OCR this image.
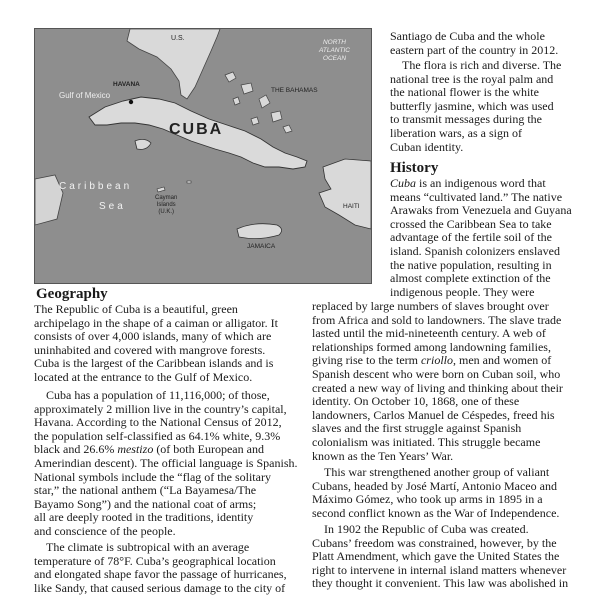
U.S.
NORTH
ATLANTIC
OCEAN
Gulf of Mexico
HAVANA
THE BAHAMAS
CUBA
Caribbean
Sea
Cayman
Islands
(U.K.)
JAMAICA
HAITI
Geography
The Republic of Cuba is a beautiful, green
archipelago in the shape of a caiman or alligator. It
consists of over 4,000 islands, many of which are
uninhabited and covered with mangrove forests.
Cuba is the largest of the Caribbean islands and is
located at the entrance to the Gulf of Mexico.
Cuba has a population of 11,116,000; of those,
approximately 2 million live in the country’s capital,
Havana. According to the National Census of 2012,
the population self-classified as 64.1% white, 9.3%
black and 26.6% mestizo (of both European and
Amerindian descent). The official language is Spanish.
National symbols include the “flag of the solitary
star,” the national anthem (“La Bayamesa/The
Bayamo Song”) and the national coat of arms;
all are deeply rooted in the traditions, identity
and conscience of the people.
The climate is subtropical with an average
temperature of 78°F. Cuba’s geographical location
and elongated shape favor the passage of hurricanes,
like Sandy, that caused serious damage to the city of
Santiago de Cuba and the whole
eastern part of the country in 2012.
The flora is rich and diverse. The
national tree is the royal palm and
the national flower is the white
butterfly jasmine, which was used
to transmit messages during the
liberation wars, as a sign of
Cuban identity.
History
Cuba is an indigenous word that
means “cultivated land.” The native
Arawaks from Venezuela and Guyana
crossed the Caribbean Sea to take
advantage of the fertile soil of the
island. Spanish colonizers enslaved
the native population, resulting in
almost complete extinction of the
indigenous people. They were
replaced by large numbers of slaves brought over
from Africa and sold to landowners. The slave trade
lasted until the mid-nineteenth century. A web of
relationships formed among landowning families,
giving rise to the term criollo, men and women of
Spanish descent who were born on Cuban soil, who
created a new way of living and thinking about their
identity. On October 10, 1868, one of these
landowners, Carlos Manuel de Céspedes, freed his
slaves and the first struggle against Spanish
colonialism was initiated. This struggle became
known as the Ten Years’ War.
This war strengthened another group of valiant
Cubans, headed by José Martí, Antonio Maceo and
Máximo Gómez, who took up arms in 1895 in a
second conflict known as the War of Independence.
In 1902 the Republic of Cuba was created.
Cubans’ freedom was constrained, however, by the
Platt Amendment, which gave the United States the
right to intervene in internal island matters whenever
they thought it convenient. This law was abolished in
